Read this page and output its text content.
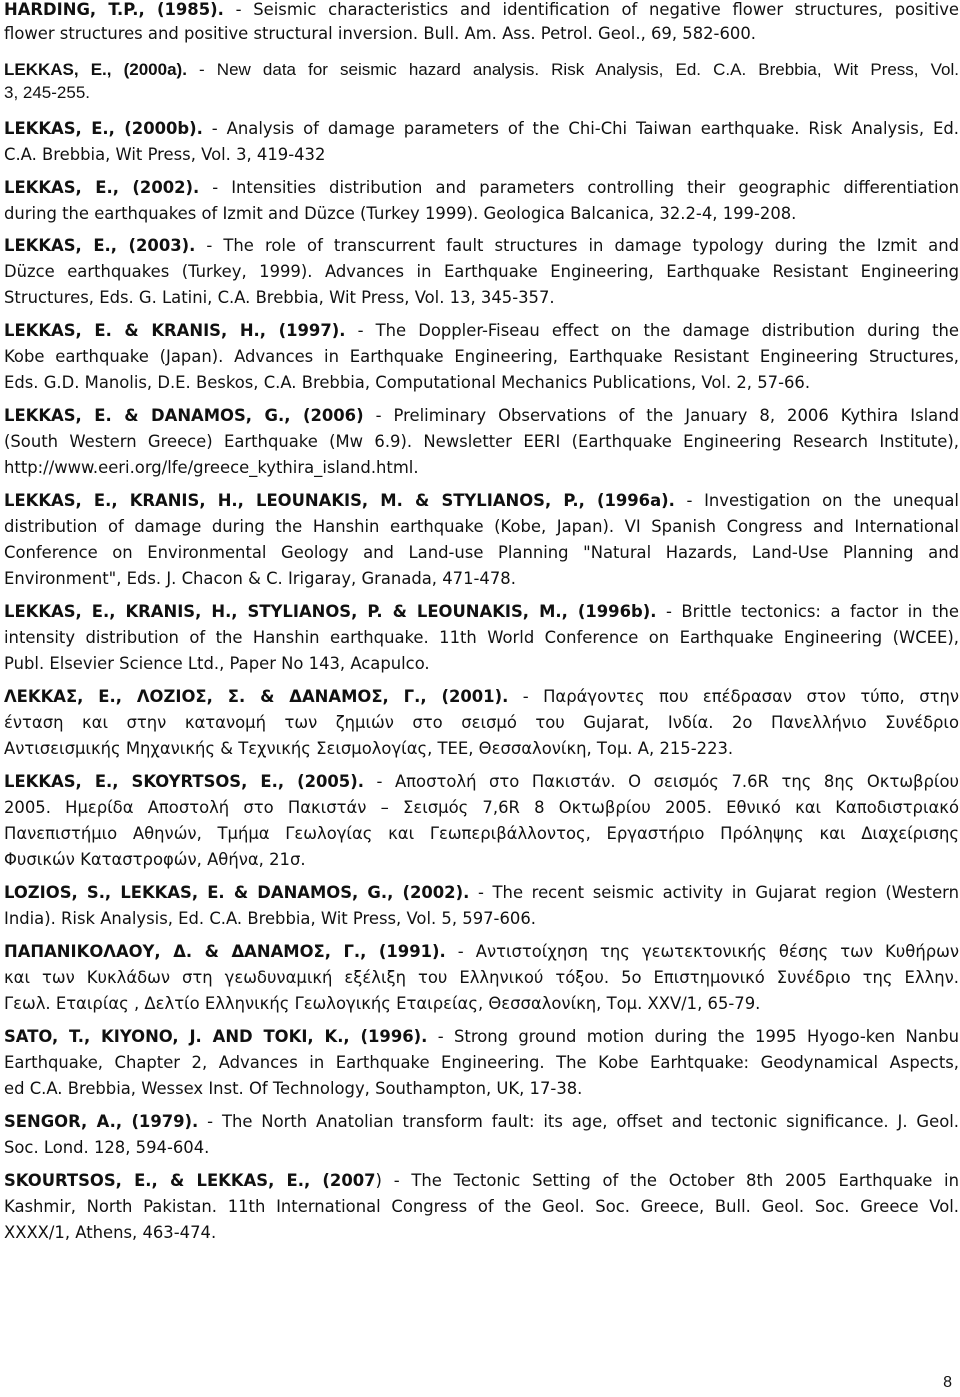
HARDING, T.P., (1985). - Seismic characteristics and identification of negative flower structures, positive

flower structures and positive structural inversion. Bull. Am. Ass. Petrol. Geol., 69, 582-600.

LEKKAS, E., (2000a). - New data for seismic hazard analysis. Risk Analysis, Ed. C.A. Brebbia, Wit Press, Vol.

3, 245-255.

LEKKAS, E., (2000b). - Analysis of damage parameters of the Chi-Chi Taiwan earthquake. Risk Analysis, Ed.

C.A. Brebbia, Wit Press, Vol. 3, 419-432

LEKKAS, E., (2002). - Intensities distribution and parameters controlling their geographic differentiation

during the earthquakes of Izmit and Düzce (Turkey 1999). Geologica Balcanica, 32.2-4, 199-208.

LEKKAS, E., (2003). - The role of transcurrent fault structures in damage typology during the Izmit and

Düzce earthquakes (Turkey, 1999). Advances in Earthquake Engineering, Earthquake Resistant Engineering

Structures, Eds. G. Latini, C.A. Brebbia, Wit Press, Vol. 13, 345-357.

LEKKAS, E. & KRANIS, H., (1997). - The Doppler-Fiseau effect on the damage distribution during the

Kobe earthquake (Japan). Advances in Earthquake Engineering, Earthquake Resistant Engineering Structures,

Eds. G.D. Manolis, D.E. Beskos, C.A. Brebbia, Computational Mechanics Publications, Vol. 2, 57-66.

LEKKAS, E. & DANAMOS, G., (2006) - Preliminary Observations of the January 8, 2006 Kythira Island

(South Western Greece) Earthquake (Mw 6.9). Newsletter EERI (Earthquake Engineering Research Institute),

http://www.eeri.org/lfe/greece_kythira_island.html.

LEKKAS, E., KRANIS, H., LEOUNAKIS, M. & STYLIANOS, P., (1996a). - Investigation on the unequal

distribution of damage during the Hanshin earthquake (Kobe, Japan). VI Spanish Congress and International

Conference on Environmental Geology and Land-use Planning "Natural Hazards, Land-Use Planning and

Environment", Eds. J. Chacon & C. Irigaray, Granada, 471-478.

LEKKAS, E., KRANIS, H., STYLIANOS, P. & LEOUNAKIS, M., (1996b). - Brittle tectonics: a factor in the

intensity distribution of the Hanshin earthquake. 11th World Conference on Earthquake Engineering (WCEE),

Publ. Elsevier Science Ltd., Paper No 143, Acapulco.

ΛΕΚΚΑΣ, Ε., ΛΟΖΙΟΣ, Σ. & ΔΑΝΑΜΟΣ, Γ., (2001). - Παράγοντες που επέδρασαν στον τύπο, στην

ένταση και στην κατανομή των ζημιών στο σεισμό του Gujarat, Ινδία. 2ο Πανελλήνιο Συνέδριο

Αντισεισμικής Μηχανικής & Τεχνικής Σεισμολογίας, ΤΕΕ, Θεσσαλονίκη, Τομ. Α, 215-223.

LEKKAS, E., SKOYRTSOS, E., (2005). - Αποστολή στο Πακιστάν. Ο σεισμός 7.6R της 8ης Οκτωβρίου

2005. Ημερίδα Αποστολή στο Πακιστάν – Σεισμός 7,6R 8 Οκτωβρίου 2005. Εθνικό και Καποδιστριακό

Πανεπιστήμιο Αθηνών, Τμήμα Γεωλογίας και Γεωπεριβάλλοντος, Εργαστήριο Πρόληψης και Διαχείρισης

Φυσικών Καταστροφών, Αθήνα, 21σ.

LOZIOS, S., LEKKAS, E. & DANAMOS, G., (2002). - The recent seismic activity in Gujarat region (Western

India). Risk Analysis, Ed. C.A. Brebbia, Wit Press, Vol. 5, 597-606.

ΠΑΠΑΝΙΚΟΛΑΟΥ, Δ. & ΔΑΝΑΜΟΣ, Γ., (1991). - Αντιστοίχηση της γεωτεκτονικής θέσης των Κυθήρων

και των Κυκλάδων στη γεωδυναμική εξέλιξη του Ελληνικού τόξου. 5ο Επιστημονικό Συνέδριο της Ελλην.

Γεωλ. Εταιρίας , Δελτίο Ελληνικής Γεωλογικής Εταιρείας, Θεσσαλονίκη, Τομ. XXV/1, 65-79.

SATO, T., KIYONO, J. AND TOKI, K., (1996). - Strong ground motion during the 1995 Hyogo-ken Nanbu

Earthquake, Chapter 2, Advances in Earthquake Engineering. The Kobe Earhtquake: Geodynamical Aspects,

ed C.A. Brebbia, Wessex Inst. Of Technology, Southampton, UK, 17-38.

SENGOR, A., (1979). - The North Anatolian transform fault: its age, offset and tectonic significance. J. Geol.

Soc. Lond. 128, 594-604.

SKOURTSOS, E., & LEKKAS, E., (2007) - The Tectonic Setting of the October 8th 2005 Earthquake in

Kashmir, North Pakistan. 11th International Congress of the Geol. Soc. Greece, Bull. Geol. Soc. Greece Vol.

XXXX/1, Athens, 463-474.

8
